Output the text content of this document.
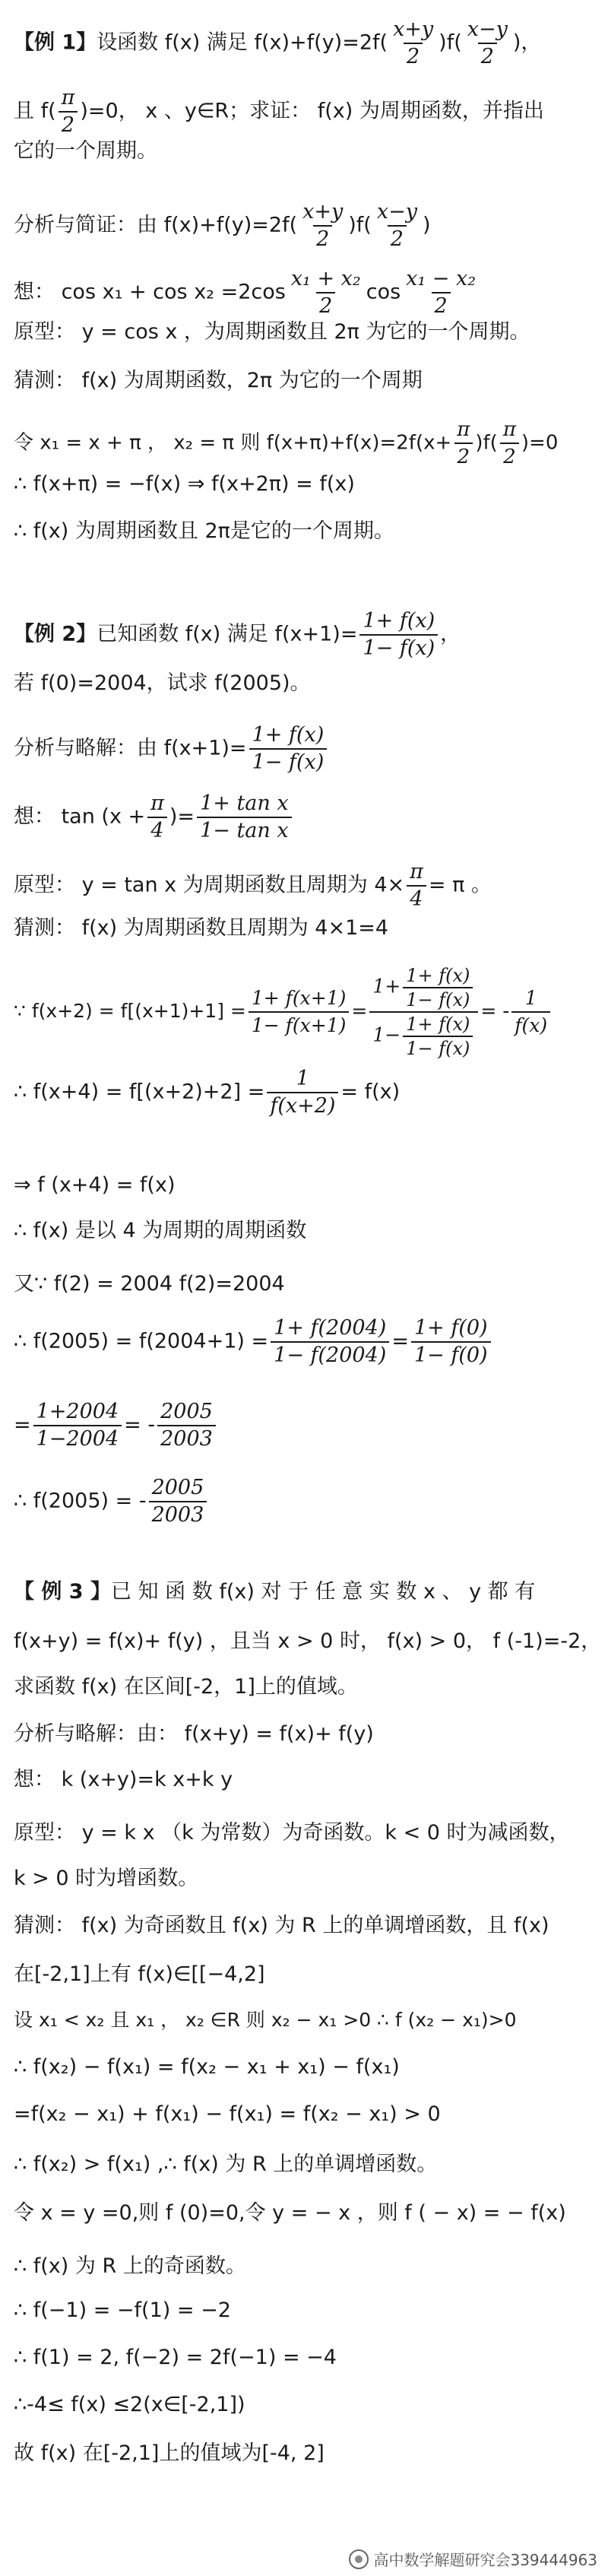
【例 1】设函数 f(x) 满足 $f(x)+f(y)=2f( \frac{x+y}{2} )f( \frac{x-y}{2}$ )，
且 $f( \frac{\pi}{2} )=0$， x 、y∈R；求证： f(x) 为周期函数，并指出
它的一个周期。
分析与简证：由 $f(x)+f(y)=2f( \frac{x+y}{2} )f( \frac{x-y}{2}$ )
想： $\cos x_1 + \cos x_2 =2\cos \frac{\text{x₁ + x₂}}{2}$ $\cos \frac{\text{x₁ − x₂}}{2}$
原型： y = cos x ，为周期函数且 2π 为它的一个周期。
猜测： f(x) 为周期函数，2π 为它的一个周期
令 x₁ = x + π ， x₂ = π 则 $f(x+\pi)+f(x)=2f(x+ \frac{\pi}{2} )f( \frac{\pi}{2} )=0$
∴ f(x+π) = −f(x) ⇒ f(x+2π) = f(x)
∴ f(x) 为周期函数且 2π是它的一个周期。
【例 2】已知函数 f(x) 满足 $f(x+1)= \frac{1+ f(x)}{1- f(x)}$ ，
若 f(0)=2004，试求 f(2005)。
分析与略解：由 $f(x+1)= \frac{1+ f(x)}{1- f(x)}$
想： $\tan (x + \frac{\pi}{4}$ )= $\frac{\text{1+ tan x}}{\text{1− tan x}}$
原型： y = tan x 为周期函数且周期为 $4\times \frac{\pi}{4} = \pi$ 。
猜测： f(x) 为周期函数且周期为 4×1=4
∵ $f(x+2) = f[(x+1)+1] = \frac{1+ f(x+1)}{1- f(x+1)} = \frac{1+ \frac{1+ f(x)}{1- f(x)}}{1- \frac{1+ f(x)}{1- f(x)}}$ = - $\frac{1}{f(x)}$
∴ $f(x+4) = f[(x+2)+2] = \frac{1}{f(x+2)} = f(x)$
⇒ f (x+4) = f(x)
∴ f(x) 是以 4 为周期的周期函数
又∵ f(2) = 2004 f(2)=2004
∴ $f(2005) = f(2004+1) = \frac{1+ f(2004)}{1- f(2004)} = \frac{1+ f(0)}{1- f(0)}$
= $\frac{1+2004}{1-2004}$ = - $\frac{2005}{2003}$
∴ f(2005) = - $\frac{2005}{2003}$
【 例 3 】已 知 函 数 f(x) 对 于 任 意 实 数 x 、 y 都 有
f(x+y) = f(x)+ f(y) ，且当 x > 0 时， f(x) > 0， f (-1)=-2，
求函数 f(x) 在区间[-2，1]上的值域。
分析与略解：由： f(x+y) = f(x)+ f(y)
想： k (x+y)=k x+k y
原型： y = k x （k 为常数）为奇函数。k < 0 时为减函数，
k > 0 时为增函数。
猜测： f(x) 为奇函数且 f(x) 为 R 上的单调增函数，且 f(x)
在[-2,1]上有 f(x)∈[[−4,2]
设 x₁ < x₂ 且 x₁ ， x₂ ∈R 则 x₂ − x₁ >0 ∴ f (x₂ − x₁)>0
∴ f(x₂) − f(x₁) = f(x₂ − x₁ + x₁) − f(x₁)
=f(x₂ − x₁) + f(x₁) − f(x₁) = f(x₂ − x₁) > 0
∴ f(x₂) > f(x₁) ,∴ f(x) 为 R 上的单调增函数。
令 x = y =0,则 f (0)=0,令 y = − x ，则 f ( − x) = − f(x)
∴ f(x) 为 R 上的奇函数。
∴ f(−1) = −f(1) = −2
∴ f(1) = 2, f(−2) = 2f(−1) = −4
∴-4≤ f(x) ≤2(x∈[-2,1])
故 f(x) 在[-2,1]上的值域为[-4, 2]
高中数学解题研究会339444963
